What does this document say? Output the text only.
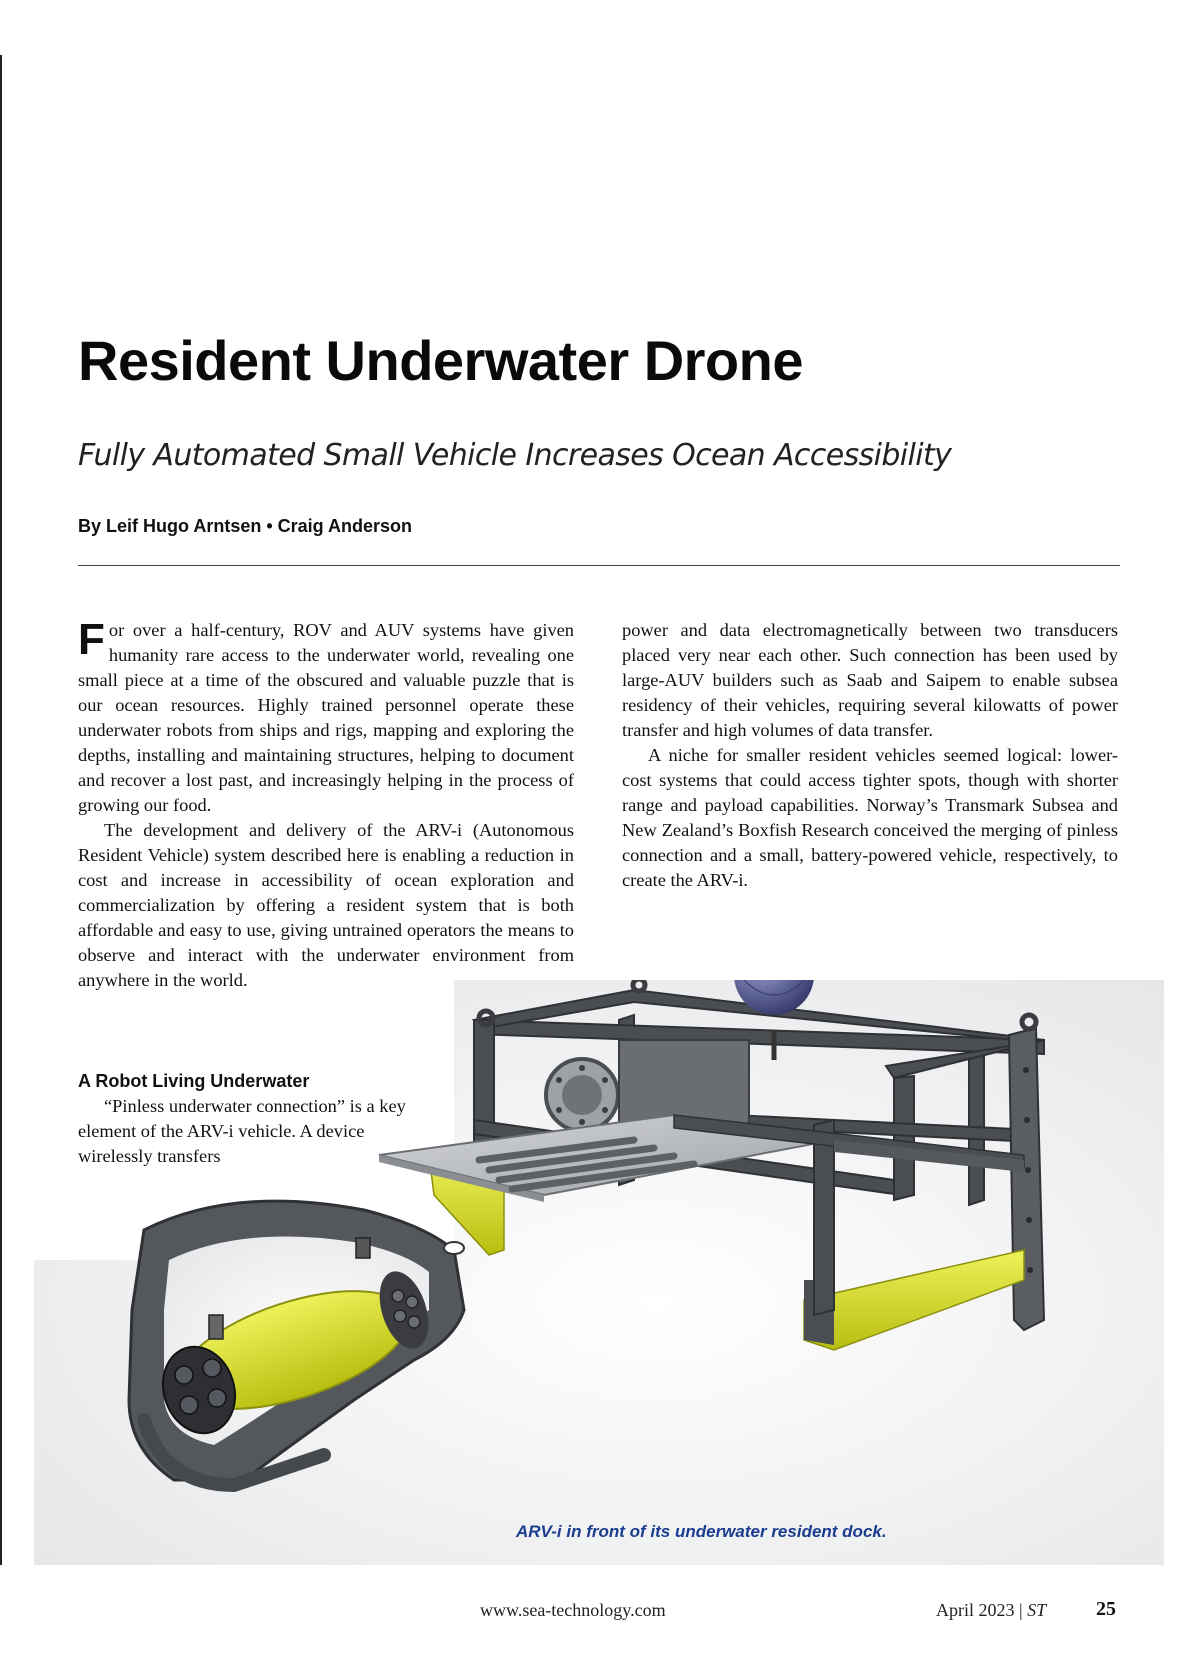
Resident Underwater Drone
Fully Automated Small Vehicle Increases Ocean Accessibility
By Leif Hugo Arntsen • Craig Anderson

For over a half-century, ROV and AUV systems have given humanity rare access to the underwater world, revealing one small piece at a time of the obscured and valuable puzzle that is our ocean resources. Highly trained personnel operate these underwater robots from ships and rigs, mapping and exploring the depths, installing and maintaining structures, helping to document and recover a lost past, and increasingly helping in the process of growing our food.

The development and delivery of the ARV-i (Autonomous Resident Vehicle) system described here is enabling a reduction in cost and increase in accessibility of ocean exploration and commercialization by offering a resident system that is both affordable and easy to use, giving untrained operators the means to observe and interact with the underwater environment from anywhere in the world.

A Robot Living Underwater

“Pinless underwater connection” is a key element of the ARV-i vehicle. A device wirelessly transfers

power and data electromagnetically between two transducers placed very near each other. Such connection has been used by large-AUV builders such as Saab and Saipem to enable subsea residency of their vehicles, requiring several kilowatts of power transfer and high volumes of data transfer.

A niche for smaller resident vehicles seemed logical: lower-cost systems that could access tighter spots, though with shorter range and payload capabilities. Norway’s Transmark Subsea and New Zealand’s Boxfish Research conceived the merging of pinless connection and a small, battery-powered vehicle, respectively, to create the ARV-i.

ARV-i in front of its underwater resident dock.
www.sea-technology.com	April 2023 | ST 25
